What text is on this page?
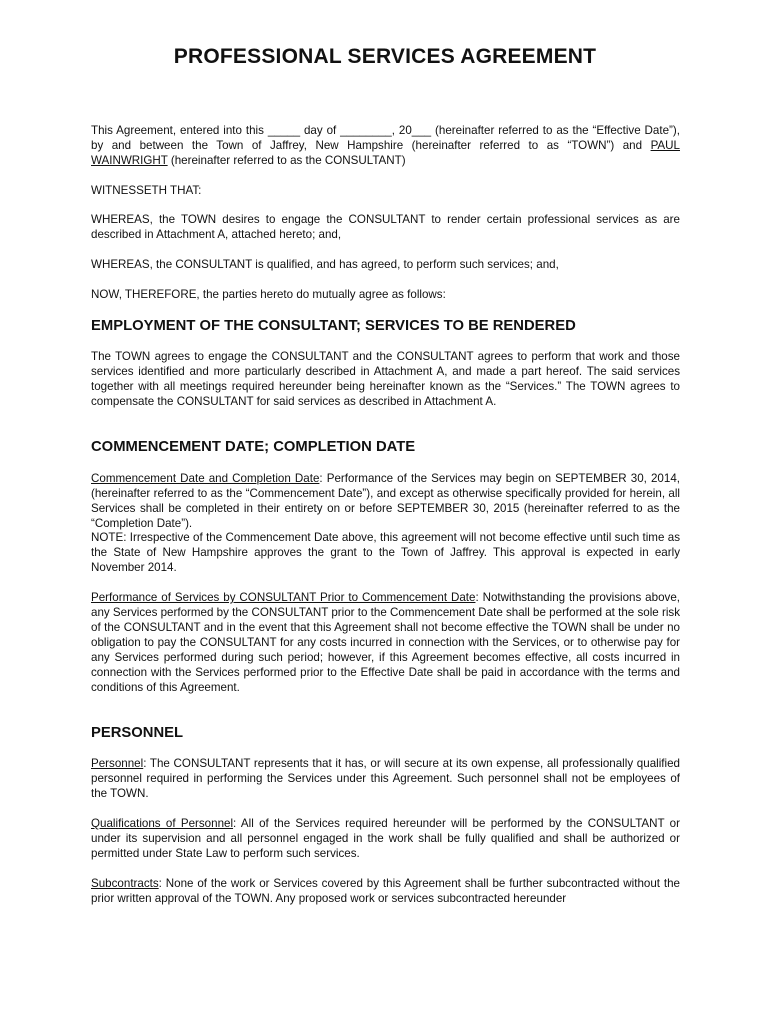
PROFESSIONAL SERVICES AGREEMENT

This Agreement, entered into this _____ day of ________, 20___ (hereinafter referred to as the “Effective Date”), by and between the Town of Jaffrey, New Hampshire (hereinafter referred to as “TOWN”) and PAUL WAINWRIGHT (hereinafter referred to as the CONSULTANT)

WITNESSETH THAT:

WHEREAS, the TOWN desires to engage the CONSULTANT to render certain professional services as are described in Attachment A, attached hereto; and,

WHEREAS, the CONSULTANT is qualified, and has agreed, to perform such services; and,

NOW, THEREFORE, the parties hereto do mutually agree as follows:

EMPLOYMENT OF THE CONSULTANT; SERVICES TO BE RENDERED

The TOWN agrees to engage the CONSULTANT and the CONSULTANT agrees to perform that work and those services identified and more particularly described in Attachment A, and made a part hereof. The said services together with all meetings required hereunder being hereinafter known as the “Services.” The TOWN agrees to compensate the CONSULTANT for said services as described in Attachment A.

COMMENCEMENT DATE; COMPLETION DATE

Commencement Date and Completion Date: Performance of the Services may begin on SEPTEMBER 30, 2014, (hereinafter referred to as the “Commencement Date”), and except as otherwise specifically provided for herein, all Services shall be completed in their entirety on or before SEPTEMBER 30, 2015 (hereinafter referred to as the “Completion Date”).

NOTE: Irrespective of the Commencement Date above, this agreement will not become effective until such time as the State of New Hampshire approves the grant to the Town of Jaffrey. This approval is expected in early November 2014.

Performance of Services by CONSULTANT Prior to Commencement Date: Notwithstanding the provisions above, any Services performed by the CONSULTANT prior to the Commencement Date shall be performed at the sole risk of the CONSULTANT and in the event that this Agreement shall not become effective the TOWN shall be under no obligation to pay the CONSULTANT for any costs incurred in connection with the Services, or to otherwise pay for any Services performed during such period; however, if this Agreement becomes effective, all costs incurred in connection with the Services performed prior to the Effective Date shall be paid in accordance with the terms and conditions of this Agreement.

PERSONNEL

Personnel: The CONSULTANT represents that it has, or will secure at its own expense, all professionally qualified personnel required in performing the Services under this Agreement. Such personnel shall not be employees of the TOWN.

Qualifications of Personnel: All of the Services required hereunder will be performed by the CONSULTANT or under its supervision and all personnel engaged in the work shall be fully qualified and shall be authorized or permitted under State Law to perform such services.

Subcontracts: None of the work or Services covered by this Agreement shall be further subcontracted without the prior written approval of the TOWN. Any proposed work or services subcontracted hereunder
